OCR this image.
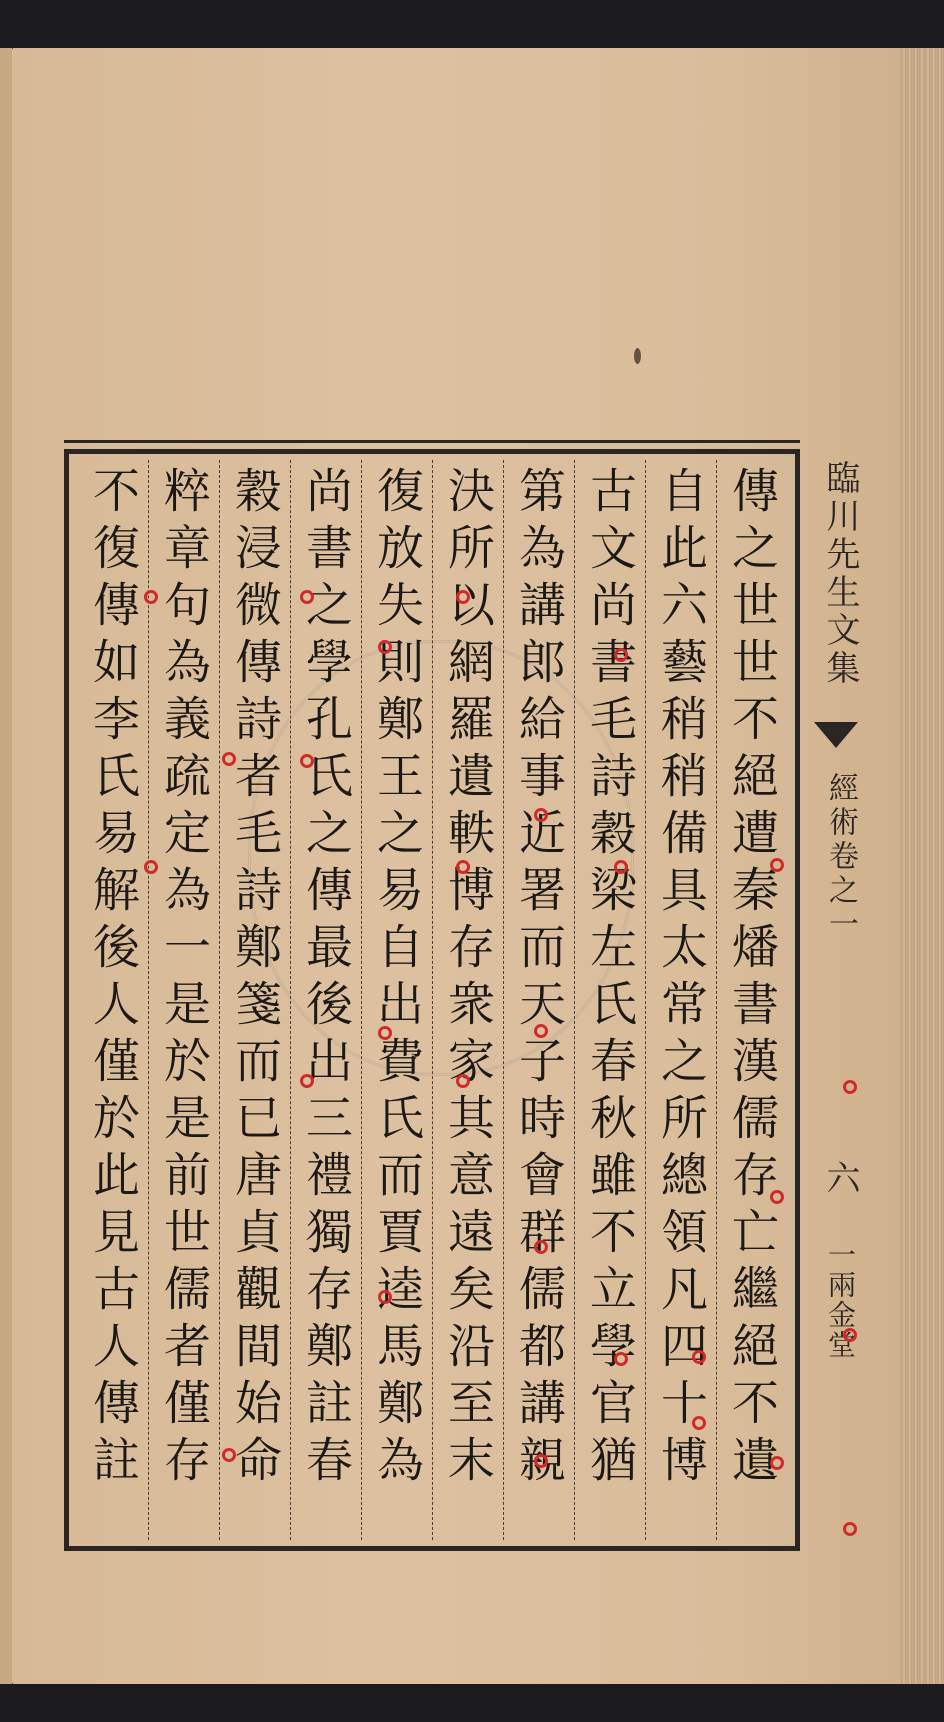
傳之世世不絕遭秦燔書漢儒存亡繼絕不遺
自此六藝稍稍備具太常之所總領凡四十博
古文尚書毛詩穀梁左氏春秋雖不立學官猶
第為講郎給事近署而天子時會群儒都講親
決所以網羅遺軼博存衆家其意遠矣沿至末
復放失則鄭王之易自出費氏而賈逵馬鄭為
尚書之學孔氏之傳最後出三禮獨存鄭註春
穀浸微傳詩者毛詩鄭箋而已唐貞觀間始命
粹章句為義疏定為一是於是前世儒者僅存
不復傳如李氏易解後人僅於此見古人傳註
臨川先生文集
經術卷之一
六
一兩金堂
